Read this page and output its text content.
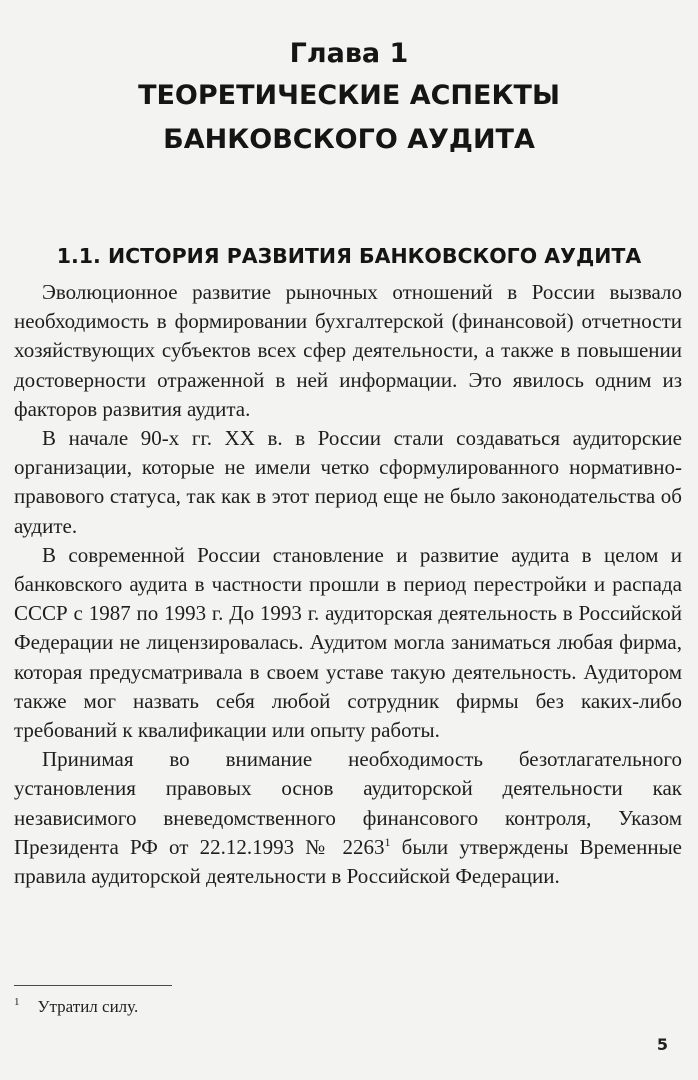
Глава 1
ТЕОРЕТИЧЕСКИЕ АСПЕКТЫ БАНКОВСКОГО АУДИТА
1.1. ИСТОРИЯ РАЗВИТИЯ БАНКОВСКОГО АУДИТА

Эволюционное развитие рыночных отношений в России вызвало необходимость в формировании бухгалтерской (финансовой) отчетности хозяйствующих субъектов всех сфер деятельности, а также в повышении достоверности отраженной в ней информации. Это явилось одним из факторов развития аудита.

В начале 90-х гг. XX в. в России стали создаваться аудиторские организации, которые не имели четко сформулированного нормативно-правового статуса, так как в этот период еще не было законодательства об аудите.

В современной России становление и развитие аудита в целом и банковского аудита в частности прошли в период перестройки и распада СССР с 1987 по 1993 г. До 1993 г. аудиторская деятельность в Российской Федерации не лицензировалась. Аудитом могла заниматься любая фирма, которая предусматривала в своем уставе такую деятельность. Аудитором также мог назвать себя любой сотрудник фирмы без каких-либо требований к квалификации или опыту работы.

Принимая во внимание необходимость безотлагательного установления правовых основ аудиторской деятельности как независимого вневедомственного финансового контроля, Указом Президента РФ от 22.12.1993 № 2263$^1$ были утверждены Временные правила аудиторской деятельности в Российской Федерации.

$^1$ Утратил силу.
5
